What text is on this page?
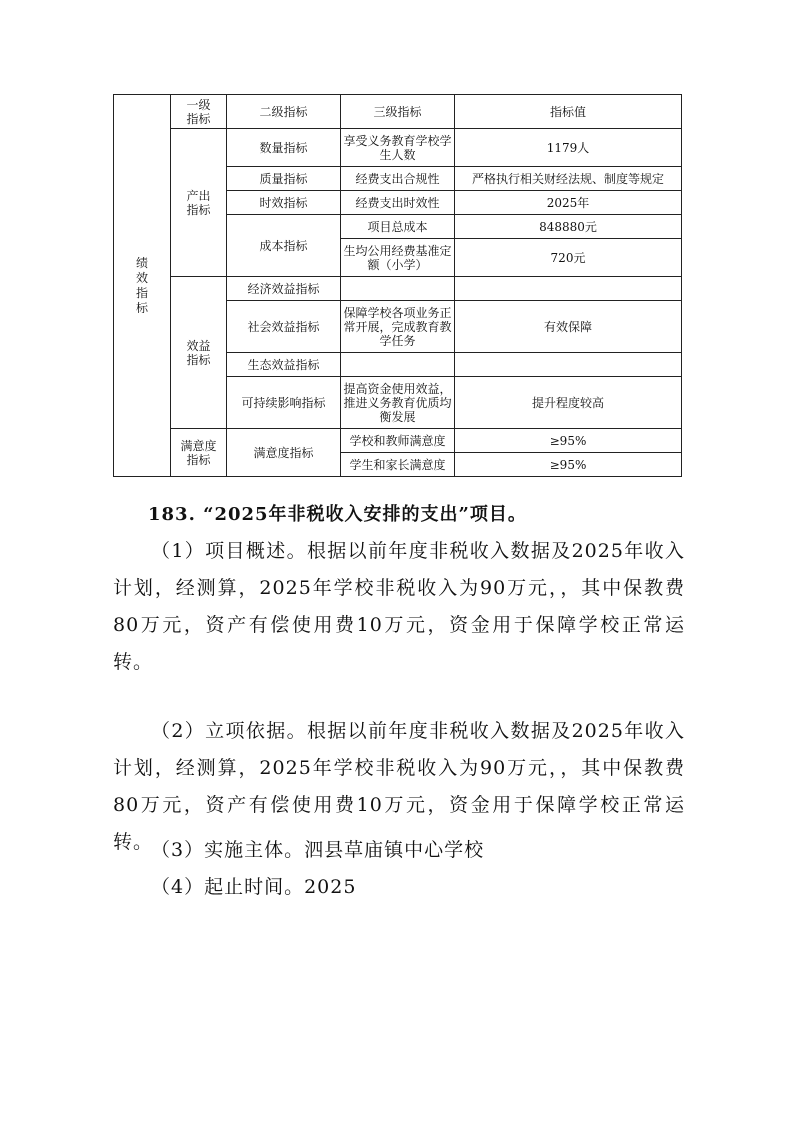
绩效指标	一级指标	二级指标	三级指标	指标值
	产出指标	数量指标	享受义务教育学校学生人数	1179人
		质量指标	经费支出合规性	严格执行相关财经法规、制度等规定
		时效指标	经费支出时效性	2025年
		成本指标	项目总成本	848880元
			生均公用经费基准定额（小学）	720元
	效益指标	经济效益指标		
		社会效益指标	保障学校各项业务正常开展，完成教育教学任务	有效保障
		生态效益指标		
		可持续影响指标	提高资金使用效益，推进义务教育优质均衡发展	提升程度较高
	满意度指标	满意度指标	学校和教师满意度	≥95%
			学生和家长满意度	≥95%
183. “2025年非税收入安排的支出”项目。

（1）项目概述。根据以前年度非税收入数据及2025年收入计划，经测算，2025年学校非税收入为90万元，，其中保教费80万元，资产有偿使用费10万元，资金用于保障学校正常运转。

（2）立项依据。根据以前年度非税收入数据及2025年收入计划，经测算，2025年学校非税收入为90万元，，其中保教费80万元，资产有偿使用费10万元，资金用于保障学校正常运转。

（3）实施主体。泗县草庙镇中心学校

（4）起止时间。2025
